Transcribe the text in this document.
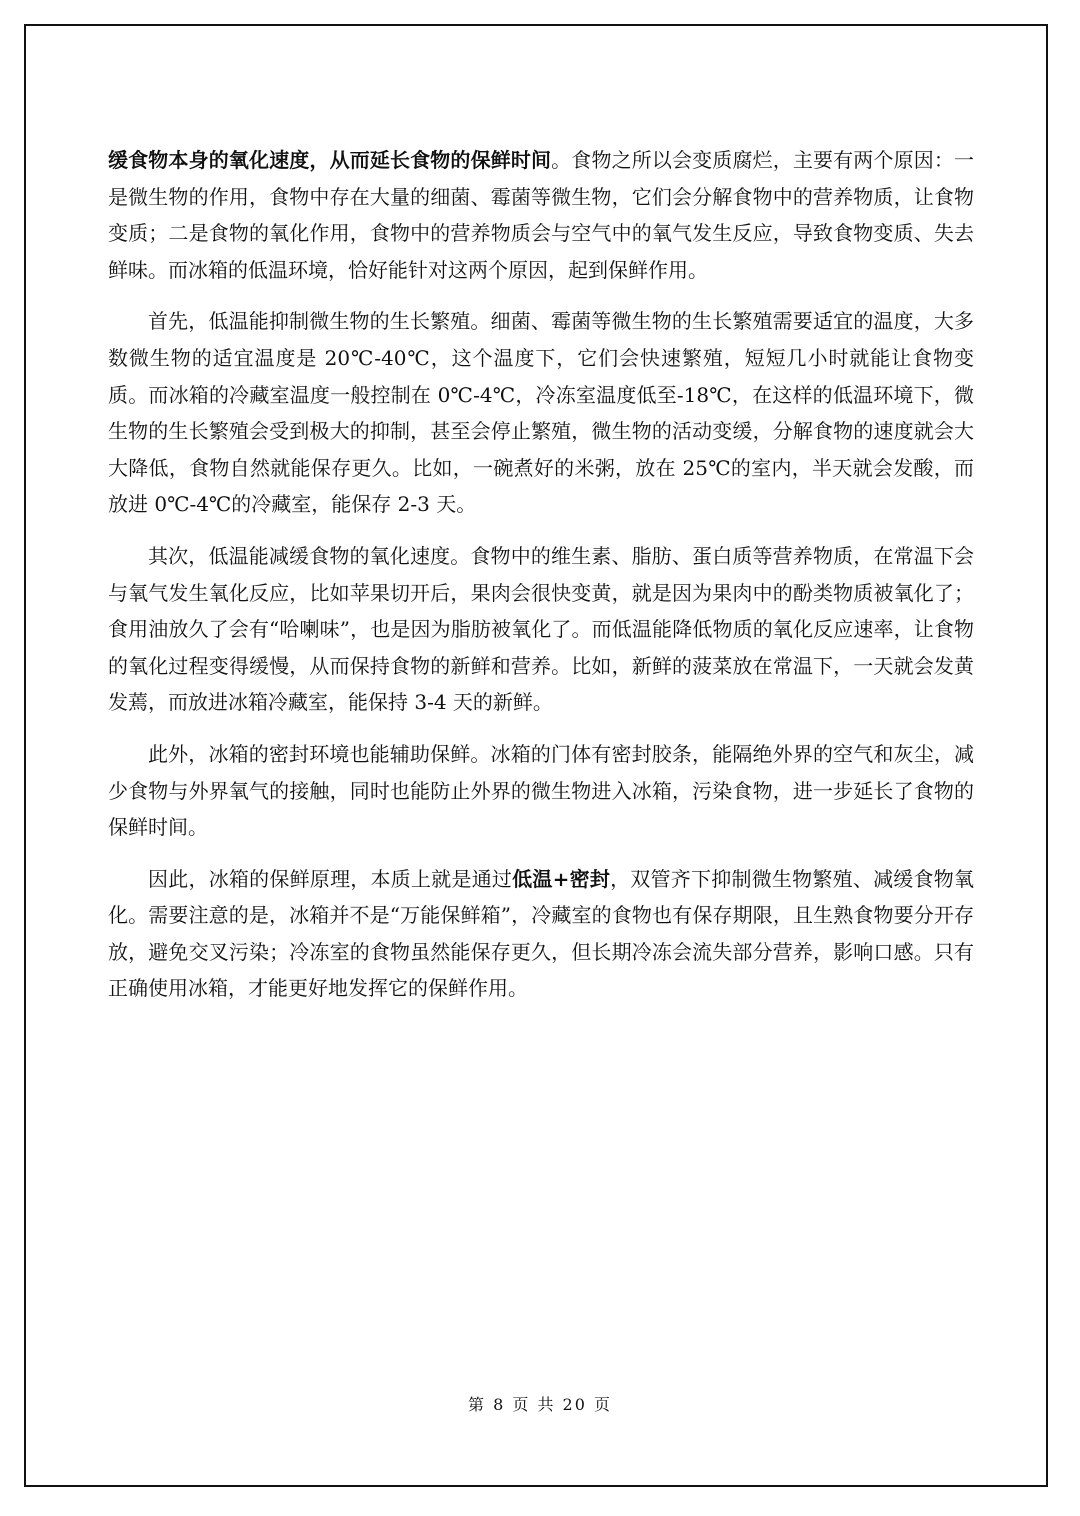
缓食物本身的氧化速度，从而延长食物的保鲜时间。食物之所以会变质腐烂，主要有两个原因：一是微生物的作用，食物中存在大量的细菌、霉菌等微生物，它们会分解食物中的营养物质，让食物变质；二是食物的氧化作用，食物中的营养物质会与空气中的氧气发生反应，导致食物变质、失去鲜味。而冰箱的低温环境，恰好能针对这两个原因，起到保鲜作用。

首先，低温能抑制微生物的生长繁殖。细菌、霉菌等微生物的生长繁殖需要适宜的温度，大多数微生物的适宜温度是 20℃-40℃，这个温度下，它们会快速繁殖，短短几小时就能让食物变质。而冰箱的冷藏室温度一般控制在 0℃-4℃，冷冻室温度低至-18℃，在这样的低温环境下，微生物的生长繁殖会受到极大的抑制，甚至会停止繁殖，微生物的活动变缓，分解食物的速度就会大大降低，食物自然就能保存更久。比如，一碗煮好的米粥，放在 25℃的室内，半天就会发酸，而放进 0℃-4℃的冷藏室，能保存 2-3 天。

其次，低温能减缓食物的氧化速度。食物中的维生素、脂肪、蛋白质等营养物质，在常温下会与氧气发生氧化反应，比如苹果切开后，果肉会很快变黄，就是因为果肉中的酚类物质被氧化了；食用油放久了会有“哈喇味”，也是因为脂肪被氧化了。而低温能降低物质的氧化反应速率，让食物的氧化过程变得缓慢，从而保持食物的新鲜和营养。比如，新鲜的菠菜放在常温下，一天就会发黄发蔫，而放进冰箱冷藏室，能保持 3-4 天的新鲜。

此外，冰箱的密封环境也能辅助保鲜。冰箱的门体有密封胶条，能隔绝外界的空气和灰尘，减少食物与外界氧气的接触，同时也能防止外界的微生物进入冰箱，污染食物，进一步延长了食物的保鲜时间。

因此，冰箱的保鲜原理，本质上就是通过低温+密封，双管齐下抑制微生物繁殖、减缓食物氧化。需要注意的是，冰箱并不是“万能保鲜箱”，冷藏室的食物也有保存期限，且生熟食物要分开存放，避免交叉污染；冷冻室的食物虽然能保存更久，但长期冷冻会流失部分营养，影响口感。只有正确使用冰箱，才能更好地发挥它的保鲜作用。

第 8 页 共 20 页
